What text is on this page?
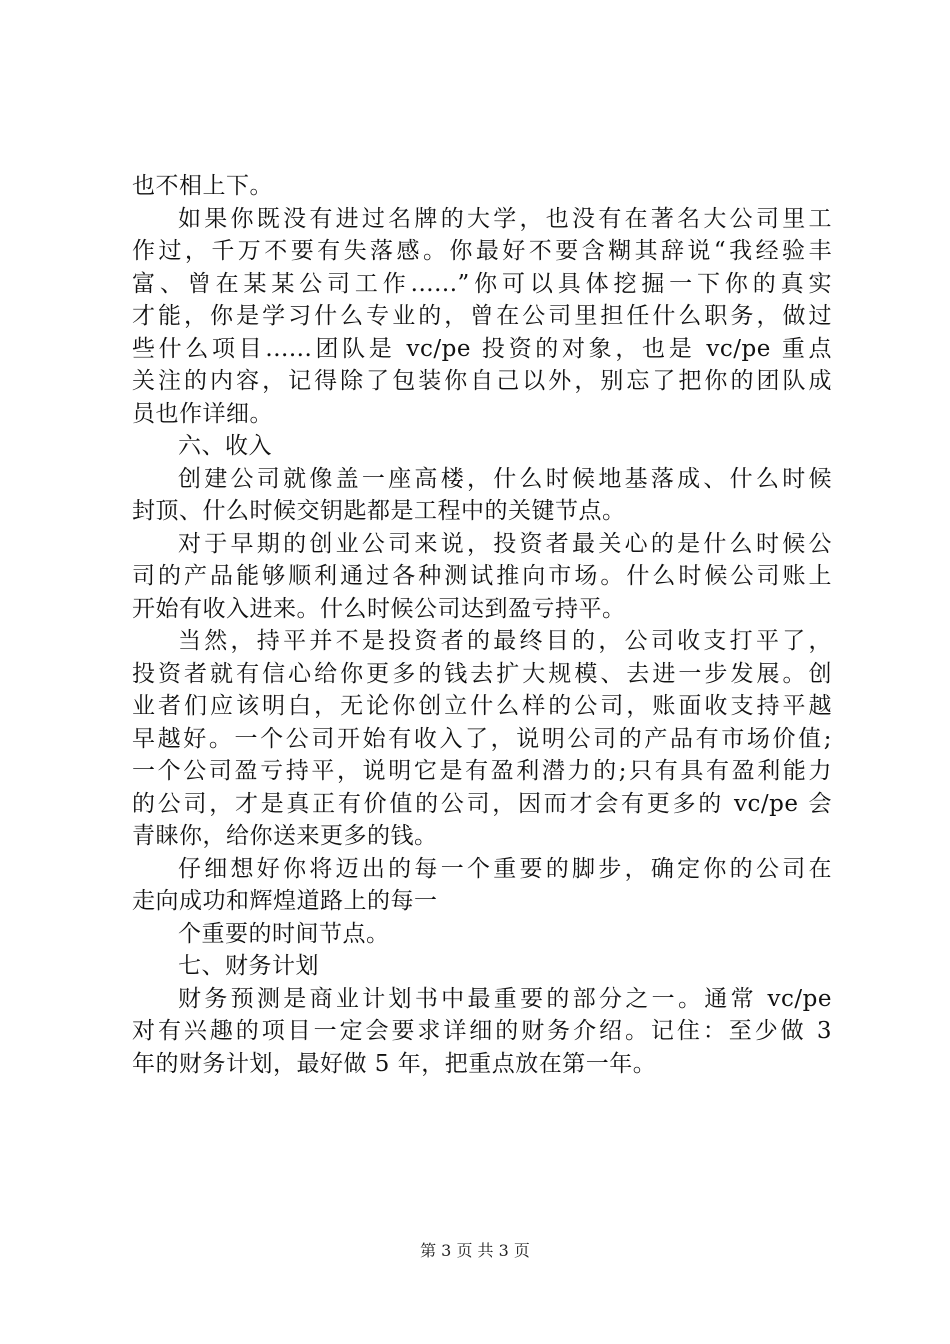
也不相上下。
如果你既没有进过名牌的大学，也没有在著名大公司里工
作过，千万不要有失落感。你最好不要含糊其辞说“我经验丰
富、曾在某某公司工作......”你可以具体挖掘一下你的真实
才能，你是学习什么专业的，曾在公司里担任什么职务，做过
些什么项目......团队是 vc/pe 投资的对象，也是 vc/pe 重点
关注的内容，记得除了包装你自己以外，别忘了把你的团队成
员也作详细。
六、收入
创建公司就像盖一座高楼，什么时候地基落成、什么时候
封顶、什么时候交钥匙都是工程中的关键节点。
对于早期的创业公司来说，投资者最关心的是什么时候公
司的产品能够顺利通过各种测试推向市场。什么时候公司账上
开始有收入进来。什么时候公司达到盈亏持平。
当然，持平并不是投资者的最终目的，公司收支打平了，
投资者就有信心给你更多的钱去扩大规模、去进一步发展。创
业者们应该明白，无论你创立什么样的公司，账面收支持平越
早越好。一个公司开始有收入了，说明公司的产品有市场价值;
一个公司盈亏持平，说明它是有盈利潜力的;只有具有盈利能力
的公司，才是真正有价值的公司，因而才会有更多的 vc/pe 会
青睐你，给你送来更多的钱。
仔细想好你将迈出的每一个重要的脚步，确定你的公司在
走向成功和辉煌道路上的每一
个重要的时间节点。
七、财务计划
财务预测是商业计划书中最重要的部分之一。通常 vc/pe
对有兴趣的项目一定会要求详细的财务介绍。记住：至少做 3
年的财务计划，最好做 5 年，把重点放在第一年。
第 3 页 共 3 页
